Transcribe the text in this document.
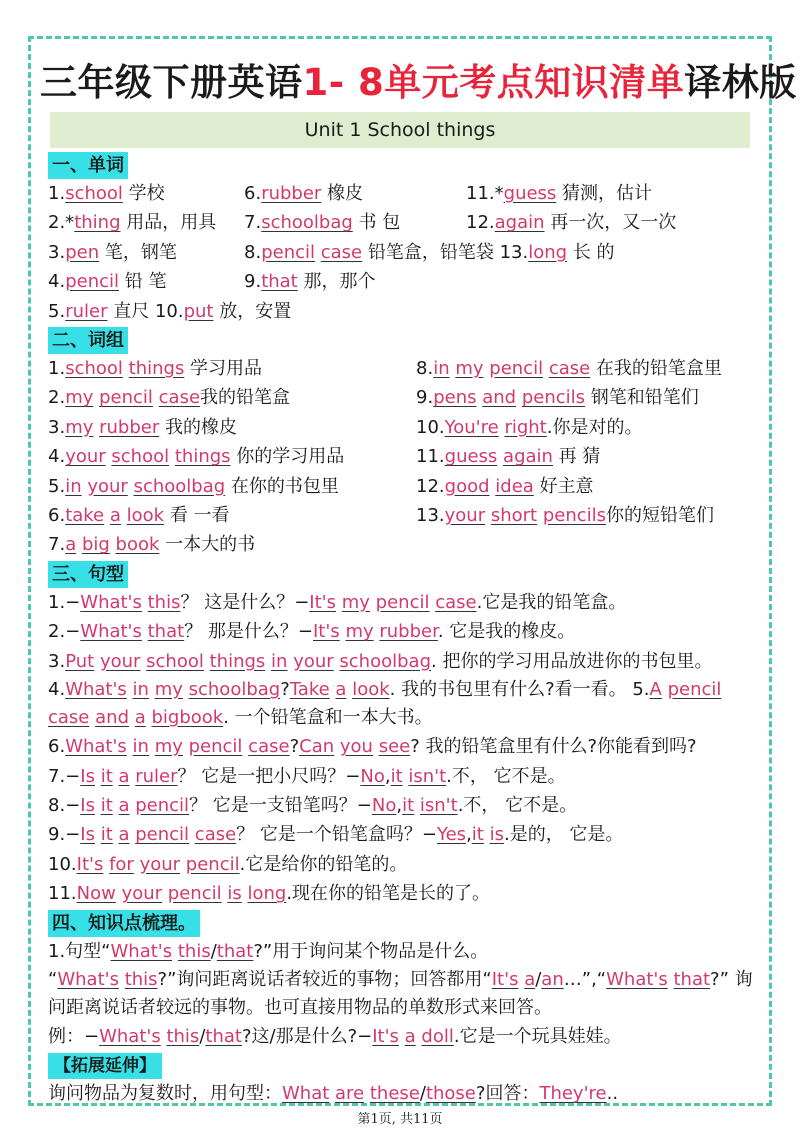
三年级下册英语1- 8单元考点知识清单译林版
Unit 1 School things
一、单词
1.school 学校	6.rubber 橡皮	11.*guess 猜测，估计
2.*thing 用品，用具	7.schoolbag 书 包	12.again 再一次，又一次
3.pen 笔，钢笔	8.pencil case 铅笔盒，铅笔袋 13.long 长 的
4.pencil 铅 笔	9.that 那，那个
5.ruler 直尺 10.put 放，安置
二、词组
1.school things 学习用品	8.in my pencil case 在我的铅笔盒里
2.my pencil case我的铅笔盒	9.pens and pencils 钢笔和铅笔们
3.my rubber 我的橡皮	10.You're right.你是对的。
4.your school things 你的学习用品	11.guess again 再 猜
5.in your schoolbag 在你的书包里	12.good idea 好主意
6.take a look 看 一看	13.your short pencils你的短铅笔们
7.a big book 一本大的书
三、句型
1.−What's this？ 这是什么？−It's my pencil case.它是我的铅笔盒。
2.−What's that？ 那是什么？−It's my rubber. 它是我的橡皮。
3.Put your school things in your schoolbag. 把你的学习用品放进你的书包里。
4.What's in my schoolbag?Take a look. 我的书包里有什么?看一看。 5.A pencil
case and a bigbook. 一个铅笔盒和一本大书。
6.What's in my pencil case?Can you see? 我的铅笔盒里有什么?你能看到吗?
7.−Is it a ruler？ 它是一把小尺吗？−No,it isn't.不， 它不是。
8.−Is it a pencil？ 它是一支铅笔吗？−No,it isn't.不， 它不是。
9.−Is it a pencil case？ 它是一个铅笔盒吗？−Yes,it is.是的， 它是。
10.It's for your pencil.它是给你的铅笔的。
11.Now your pencil is long.现在你的铅笔是长的了。
四、知识点梳理。
1.句型“What's this/that?”用于询问某个物品是什么。
“What's this?”询问距离说话者较近的事物；回答都用“It's a/an…”,“What's that?” 询问距离说话者较远的事物。也可直接用物品的单数形式来回答。
例：−What's this/that?这/那是什么?−It's a doll.它是一个玩具娃娃。
【拓展延伸】
询问物品为复数时，用句型：What are these/those?回答：They're..
第1页, 共11页
